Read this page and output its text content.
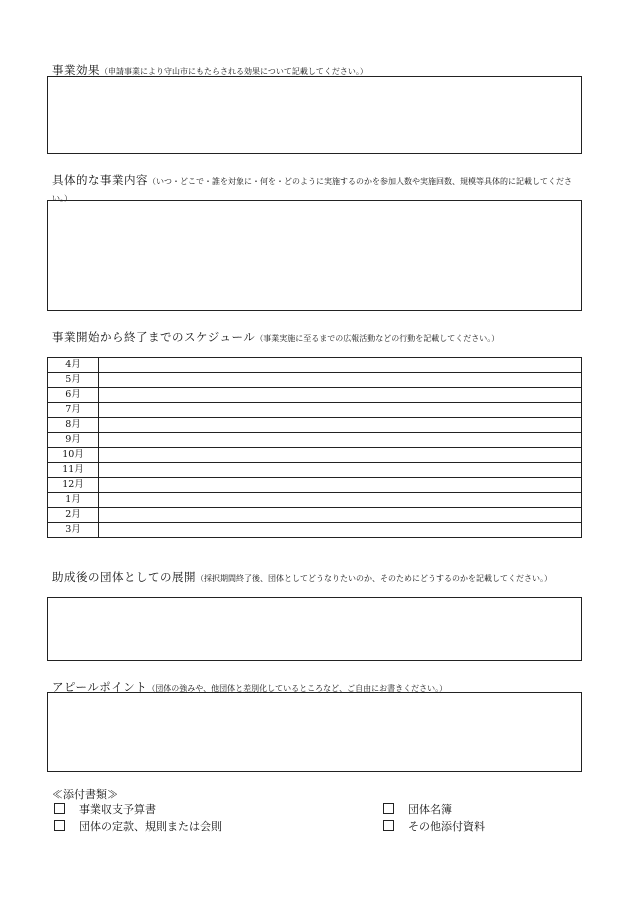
事業効果（申請事業により守山市にもたらされる効果について記載してください。）
具体的な事業内容（いつ・どこで・誰を対象に・何を・どのように実施するのかを参加人数や実施回数、規模等具体的に記載してください。）
事業開始から終了までのスケジュール（事業実施に至るまでの広報活動などの行動を記載してください。）
4月	
5月	
6月	
7月	
8月	
9月	
10月	
11月	
12月	
1月	
2月	
3月	
助成後の団体としての展開（採択期間終了後、団体としてどうなりたいのか、そのためにどうするのかを記載してください。）
アピールポイント（団体の強みや、他団体と差別化しているところなど、ご自由にお書きください。）
≪添付書類≫
事業収支予算書	団体名簿
団体の定款、規則または会則	その他添付資料
